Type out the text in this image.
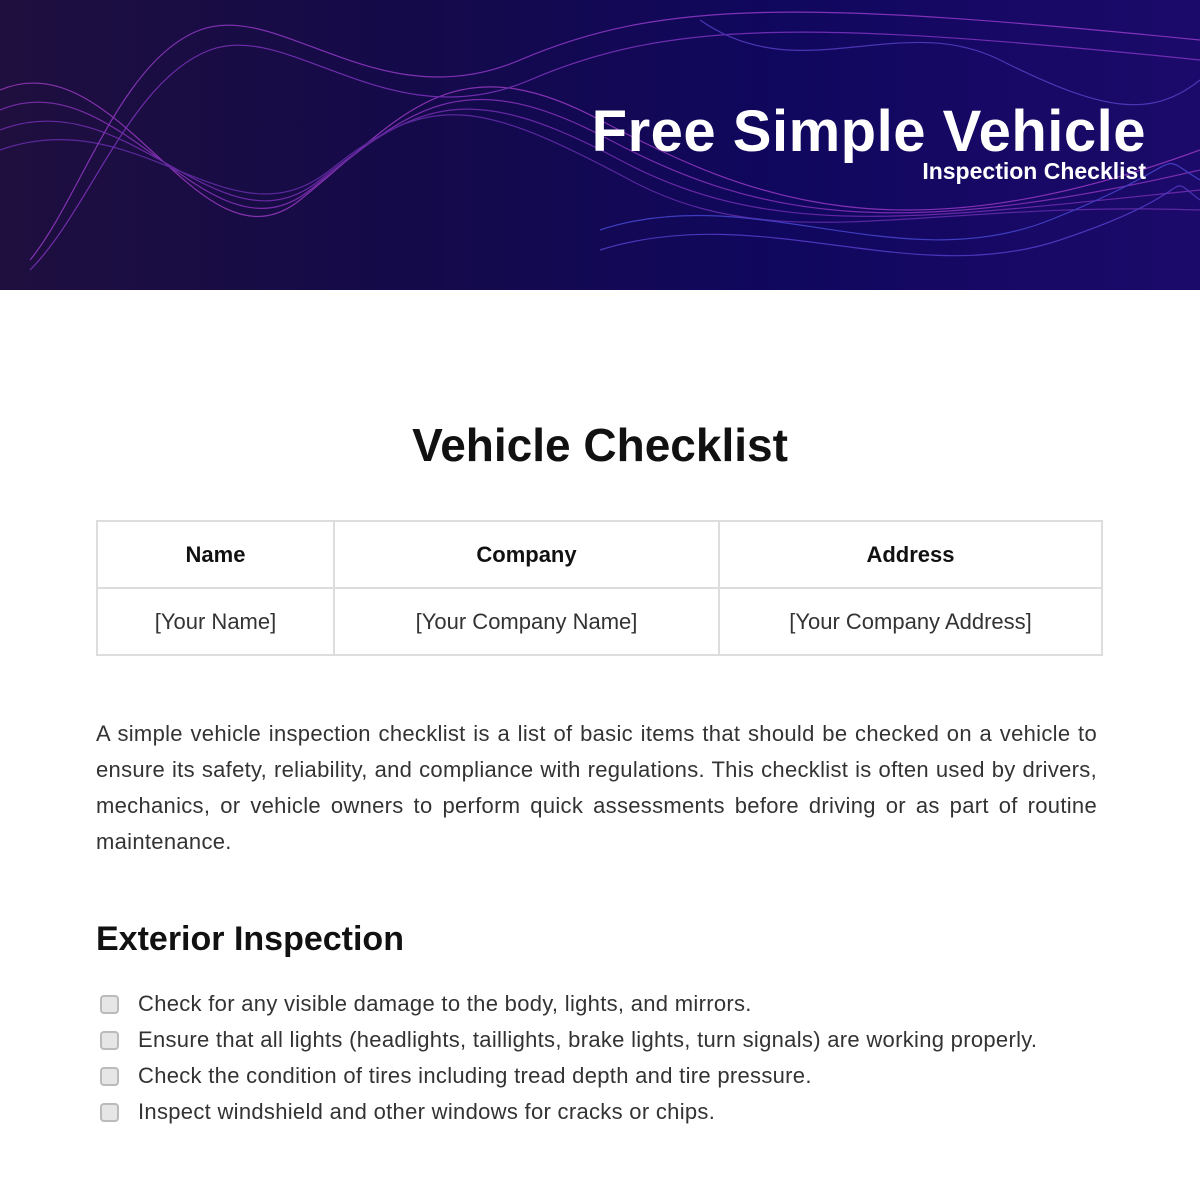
Free Simple Vehicle
Inspection Checklist
Vehicle Checklist
Name	Company	Address
[Your Name]	[Your Company Name]	[Your Company Address]

A simple vehicle inspection checklist is a list of basic items that should be checked on a vehicle to ensure its safety, reliability, and compliance with regulations. This checklist is often used by drivers, mechanics, or vehicle owners to perform quick assessments before driving or as part of routine maintenance.

Exterior Inspection
Check for any visible damage to the body, lights, and mirrors.
Ensure that all lights (headlights, taillights, brake lights, turn signals) are working properly.
Check the condition of tires including tread depth and tire pressure.
Inspect windshield and other windows for cracks or chips.
